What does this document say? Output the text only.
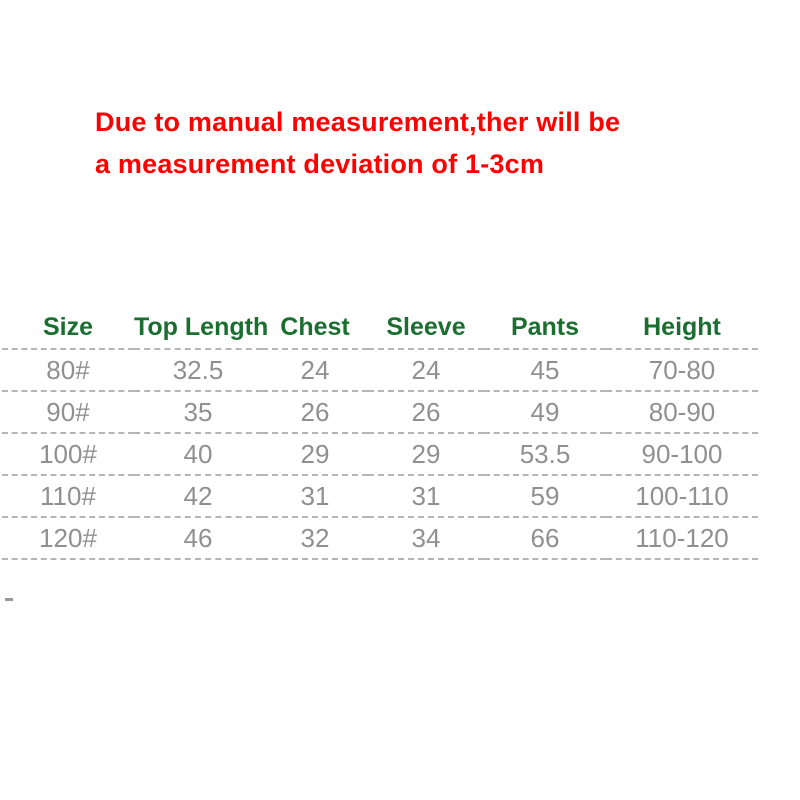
Due to manual measurement,ther will be
a measurement deviation of 1-3cm
Size	Top Length	Chest	Sleeve	Pants	Height
80#	32.5	24	24	45	70-80
90#	35	26	26	49	80-90
100#	40	29	29	53.5	90-100
110#	42	31	31	59	100-110
120#	46	32	34	66	110-120
